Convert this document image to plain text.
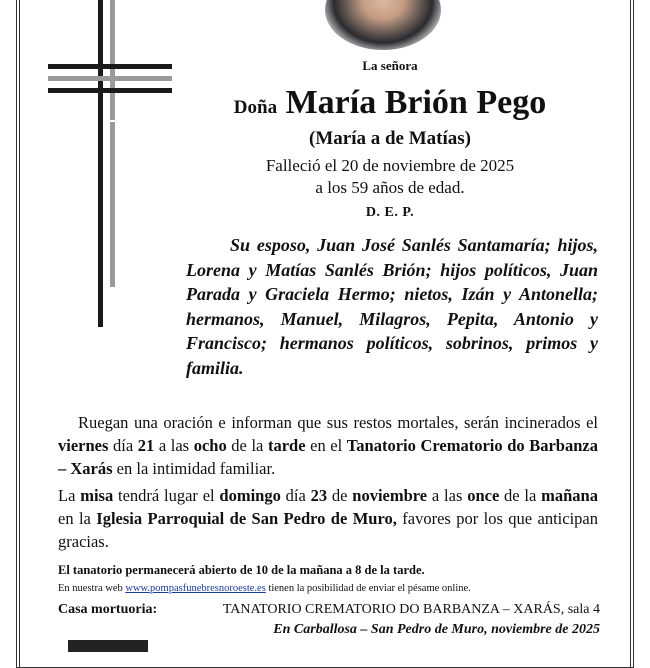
La señora
Doña María Brión Pego
(María a de Matías)
Falleció el 20 de noviembre de 2025
a los 59 años de edad.
D. E. P.

Su esposo, Juan José Sanlés Santamaría; hijos, Lorena y Matías Sanlés Brión; hijos políticos, Juan Parada y Graciela Hermo; nietos, Izán y Antonella; hermanos, Manuel, Milagros, Pepita, Antonio y Francisco; hermanos políticos, sobrinos, primos y familia.

Ruegan una oración e informan que sus restos mortales, serán incinerados el viernes día 21 a las ocho de la tarde en el Tanatorio Crematorio do Barbanza – Xarás en la intimidad familiar.
La misa tendrá lugar el domingo día 23 de noviembre a las once de la mañana en la Iglesia Parroquial de San Pedro de Muro, favores por los que anticipan gracias.
El tanatorio permanecerá abierto de 10 de la mañana a 8 de la tarde.
En nuestra web www.pompasfunebresnoroeste.es tienen la posibilidad de enviar el pésame online.
Casa mortuoria:	TANATORIO CREMATORIO DO BARBANZA – XARÁS, sala 4
En Carballosa – San Pedro de Muro, noviembre de 2025
